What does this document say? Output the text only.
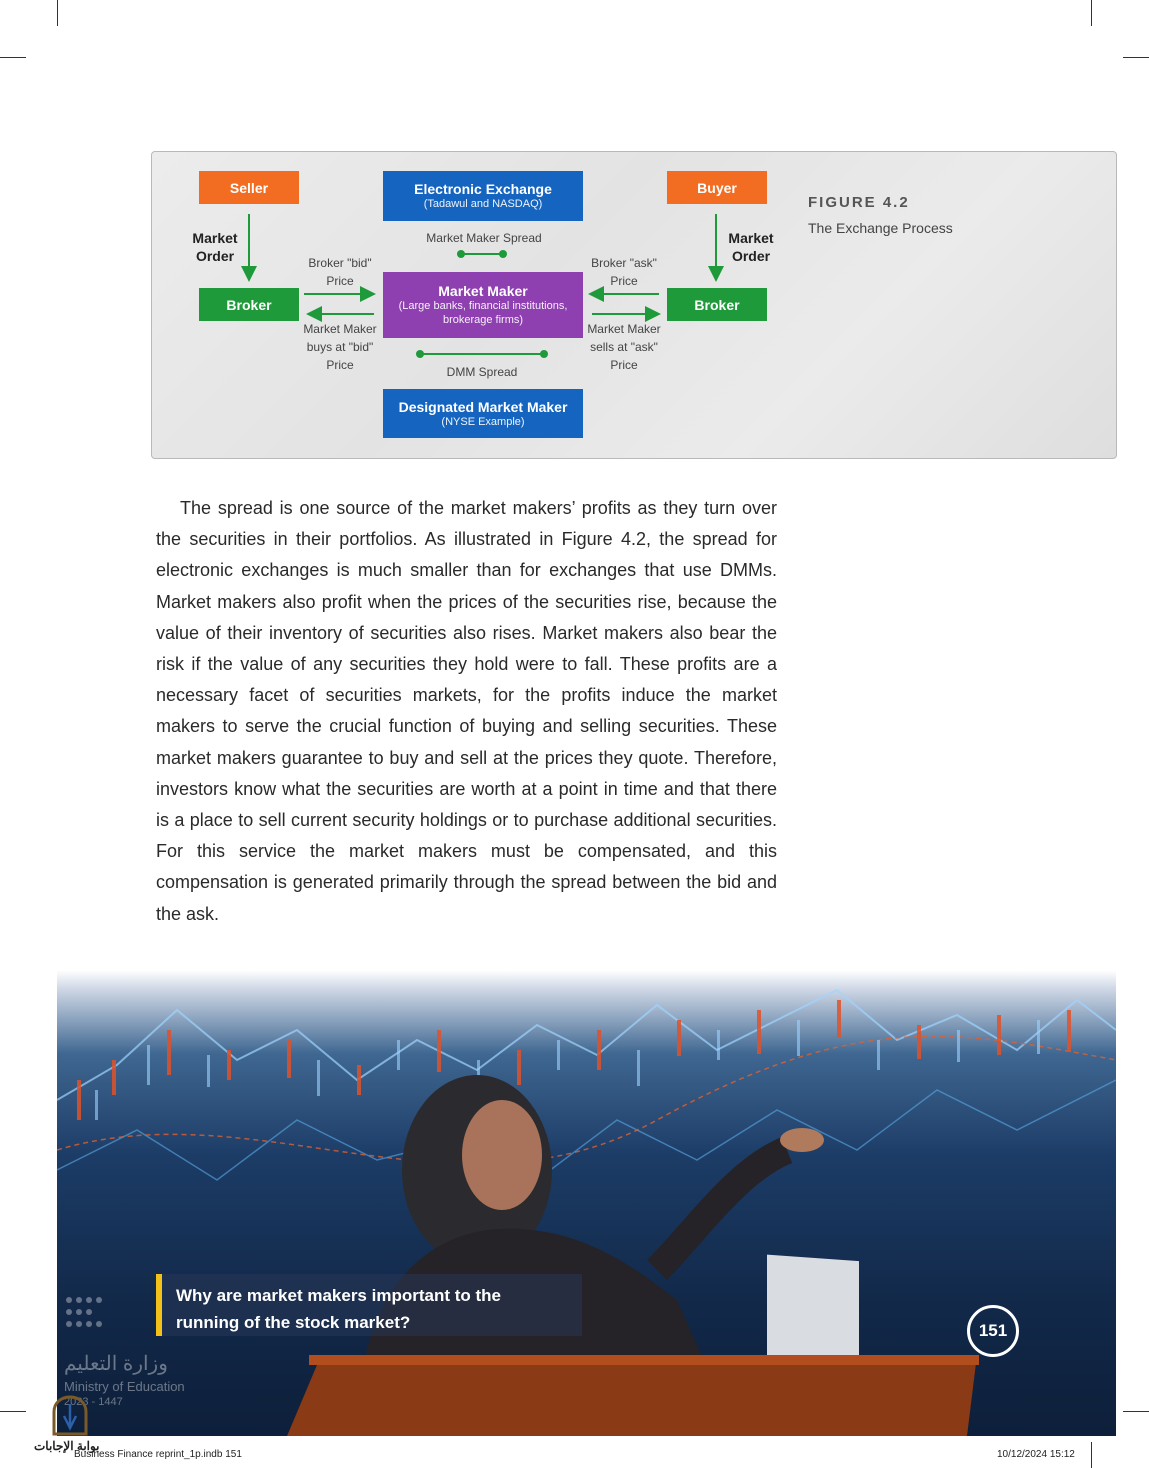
Seller	Buyer
Electronic Exchange
(Tadawul and NASDAQ)
Broker	Broker
Market Maker
(Large banks, financial institutions, brokerage firms)
Designated Market Maker
(NYSE Example)
Market Order
Market Order
Market Maker Spread
Broker "bid" Price
Broker "ask" Price
Market Maker buys at "bid" Price
Market Maker sells at "ask" Price
DMM Spread
FIGURE 4.2
The Exchange Process
The spread is one source of the market makers’ profits as they turn over the securities in their portfolios. As illustrated in Figure 4.2, the spread for electronic exchanges is much smaller than for exchanges that use DMMs. Market makers also profit when the prices of the securities rise, because the value of their inventory of securities also rises. Market makers also bear the risk if the value of any securities they hold were to fall. These profits are a necessary facet of securities markets, for the profits induce the market makers to serve the crucial function of buying and selling securities. These market makers guarantee to buy and sell at the prices they quote. Therefore, investors know what the securities are worth at a point in time and that there is a place to sell current security holdings or to purchase additional securities. For this service the market makers must be compensated, and this compensation is generated primarily through the spread between the bid and the ask.
Why are market makers important to the running of the stock market?	151
وزارة التعليم
Ministry of Education
2023 - 1447
بوابة الإجابات
Business Finance reprint_1p.indb 151	10/12/2024 15:12
